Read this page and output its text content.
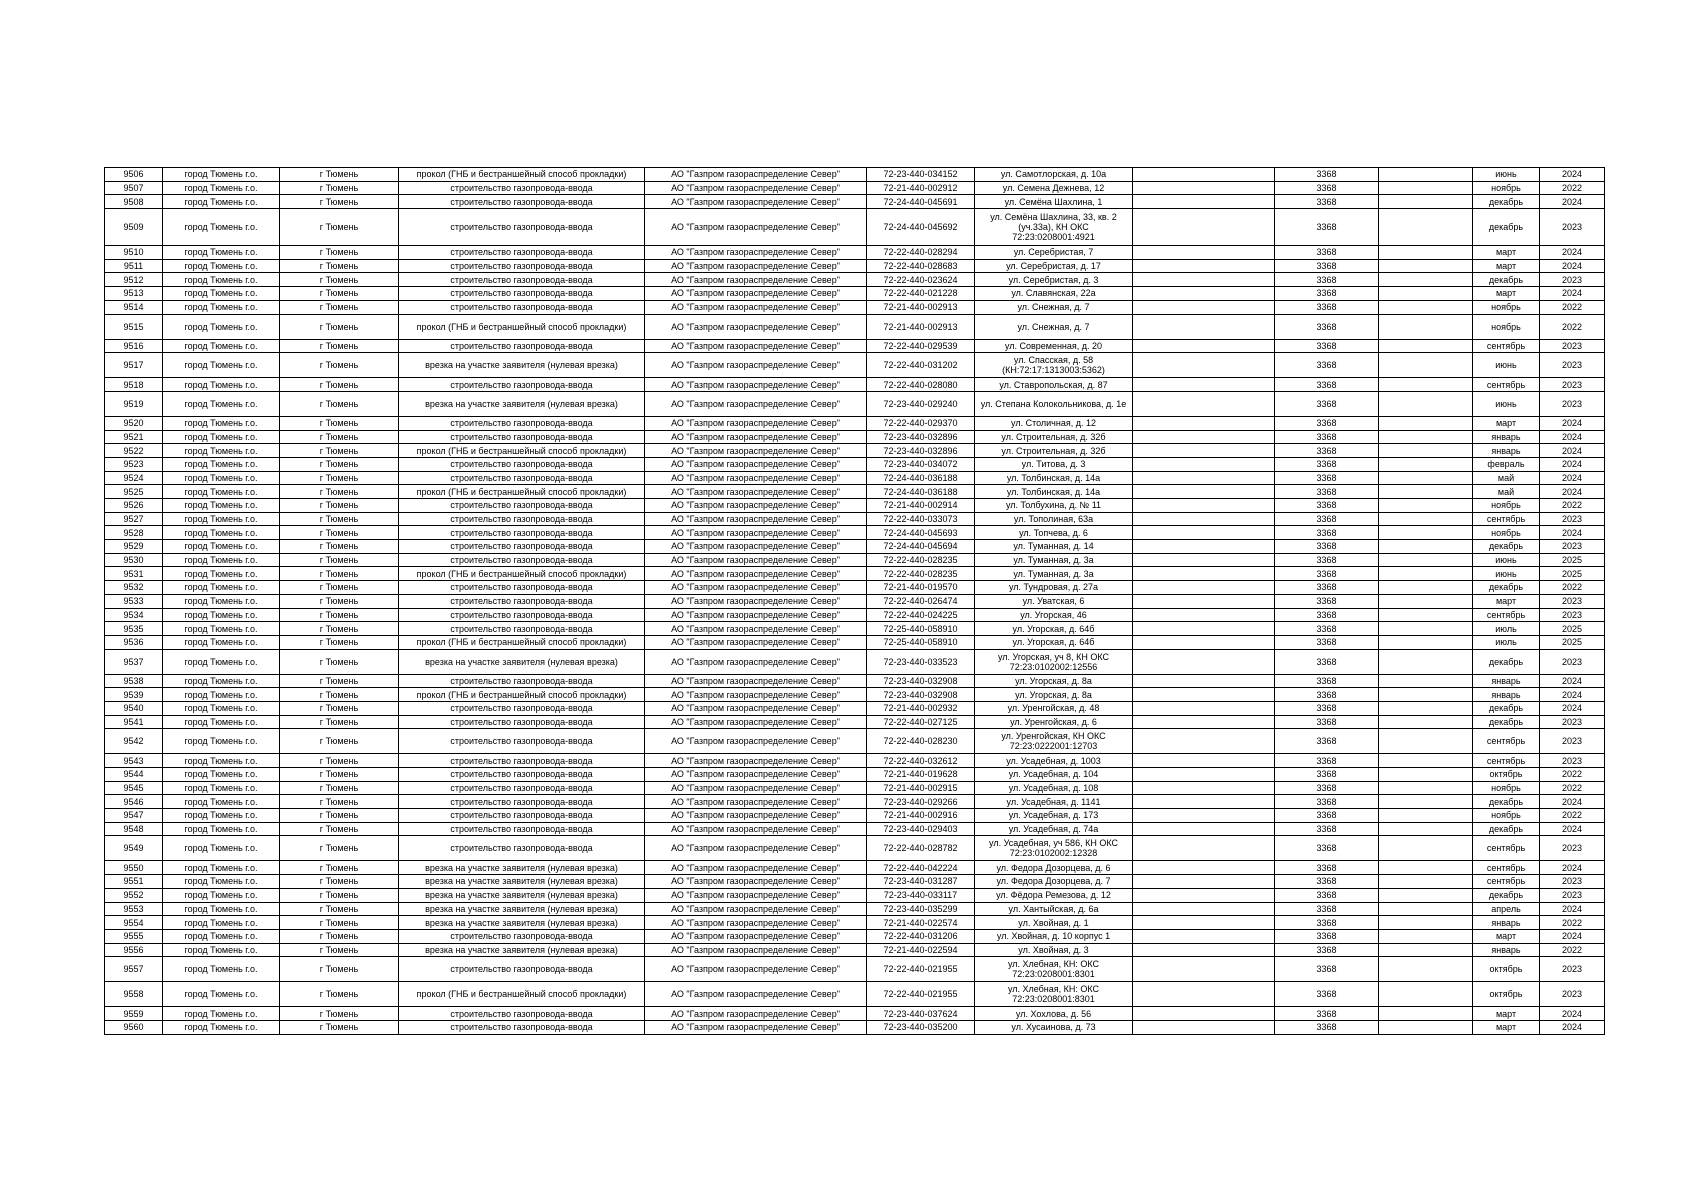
9506	город Тюмень г.о.	г Тюмень	прокол (ГНБ и бестраншейный способ прокладки)	АО "Газпром газораспределение Север"	72-23-440-034152	ул. Самотлорская, д. 10а		3368		июнь	2024
9507	город Тюмень г.о.	г Тюмень	строительство газопровода-ввода	АО "Газпром газораспределение Север"	72-21-440-002912	ул. Семена Дежнева, 12		3368		ноябрь	2022
9508	город Тюмень г.о.	г Тюмень	строительство газопровода-ввода	АО "Газпром газораспределение Север"	72-24-440-045691	ул. Семёна Шахлина, 1		3368		декабрь	2024
9509	город Тюмень г.о.	г Тюмень	строительство газопровода-ввода	АО "Газпром газораспределение Север"	72-24-440-045692	ул. Семёна Шахлина, 33, кв. 2 (уч.33а), КН ОКС 72:23:0208001:4921		3368		декабрь	2023
9510	город Тюмень г.о.	г Тюмень	строительство газопровода-ввода	АО "Газпром газораспределение Север"	72-22-440-028294	ул. Серебристая, 7		3368		март	2024
9511	город Тюмень г.о.	г Тюмень	строительство газопровода-ввода	АО "Газпром газораспределение Север"	72-22-440-028683	ул. Серебристая, д. 17		3368		март	2024
9512	город Тюмень г.о.	г Тюмень	строительство газопровода-ввода	АО "Газпром газораспределение Север"	72-22-440-023624	ул. Серебристая, д. 3		3368		декабрь	2023
9513	город Тюмень г.о.	г Тюмень	строительство газопровода-ввода	АО "Газпром газораспределение Север"	72-22-440-021228	ул. Славянская, 22а		3368		март	2024
9514	город Тюмень г.о.	г Тюмень	строительство газопровода-ввода	АО "Газпром газораспределение Север"	72-21-440-002913	ул. Снежная, д. 7		3368		ноябрь	2022
9515	город Тюмень г.о.	г Тюмень	прокол (ГНБ и бестраншейный способ прокладки)	АО "Газпром газораспределение Север"	72-21-440-002913	ул. Снежная, д. 7		3368		ноябрь	2022
9516	город Тюмень г.о.	г Тюмень	строительство газопровода-ввода	АО "Газпром газораспределение Север"	72-22-440-029539	ул. Современная, д. 20		3368		сентябрь	2023
9517	город Тюмень г.о.	г Тюмень	врезка на участке заявителя (нулевая врезка)	АО "Газпром газораспределение Север"	72-22-440-031202	ул. Спасская, д. 58 (КН:72:17:1313003:5362)		3368		июнь	2023
9518	город Тюмень г.о.	г Тюмень	строительство газопровода-ввода	АО "Газпром газораспределение Север"	72-22-440-028080	ул. Ставропольская, д. 87		3368		сентябрь	2023
9519	город Тюмень г.о.	г Тюмень	врезка на участке заявителя (нулевая врезка)	АО "Газпром газораспределение Север"	72-23-440-029240	ул. Степана Колокольникова, д. 1е		3368		июнь	2023
9520	город Тюмень г.о.	г Тюмень	строительство газопровода-ввода	АО "Газпром газораспределение Север"	72-22-440-029370	ул. Столичная, д. 12		3368		март	2024
9521	город Тюмень г.о.	г Тюмень	строительство газопровода-ввода	АО "Газпром газораспределение Север"	72-23-440-032896	ул. Строительная, д. 32б		3368		январь	2024
9522	город Тюмень г.о.	г Тюмень	прокол (ГНБ и бестраншейный способ прокладки)	АО "Газпром газораспределение Север"	72-23-440-032896	ул. Строительная, д. 32б		3368		январь	2024
9523	город Тюмень г.о.	г Тюмень	строительство газопровода-ввода	АО "Газпром газораспределение Север"	72-23-440-034072	ул. Титова, д. 3		3368		февраль	2024
9524	город Тюмень г.о.	г Тюмень	строительство газопровода-ввода	АО "Газпром газораспределение Север"	72-24-440-036188	ул. Толбинская, д. 14а		3368		май	2024
9525	город Тюмень г.о.	г Тюмень	прокол (ГНБ и бестраншейный способ прокладки)	АО "Газпром газораспределение Север"	72-24-440-036188	ул. Толбинская, д. 14а		3368		май	2024
9526	город Тюмень г.о.	г Тюмень	строительство газопровода-ввода	АО "Газпром газораспределение Север"	72-21-440-002914	ул. Толбухина, д. № 11		3368		ноябрь	2022
9527	город Тюмень г.о.	г Тюмень	строительство газопровода-ввода	АО "Газпром газораспределение Север"	72-22-440-033073	ул. Тополиная, 63а		3368		сентябрь	2023
9528	город Тюмень г.о.	г Тюмень	строительство газопровода-ввода	АО "Газпром газораспределение Север"	72-24-440-045693	ул. Топчева, д. 6		3368		ноябрь	2024
9529	город Тюмень г.о.	г Тюмень	строительство газопровода-ввода	АО "Газпром газораспределение Север"	72-24-440-045694	ул. Туманная, д. 14		3368		декабрь	2023
9530	город Тюмень г.о.	г Тюмень	строительство газопровода-ввода	АО "Газпром газораспределение Север"	72-22-440-028235	ул. Туманная, д. 3а		3368		июнь	2025
9531	город Тюмень г.о.	г Тюмень	прокол (ГНБ и бестраншейный способ прокладки)	АО "Газпром газораспределение Север"	72-22-440-028235	ул. Туманная, д. 3а		3368		июнь	2025
9532	город Тюмень г.о.	г Тюмень	строительство газопровода-ввода	АО "Газпром газораспределение Север"	72-21-440-019570	ул. Тундровая, д. 27а		3368		декабрь	2022
9533	город Тюмень г.о.	г Тюмень	строительство газопровода-ввода	АО "Газпром газораспределение Север"	72-22-440-026474	ул. Уватская, 6		3368		март	2023
9534	город Тюмень г.о.	г Тюмень	строительство газопровода-ввода	АО "Газпром газораспределение Север"	72-22-440-024225	ул. Угорская, 46		3368		сентябрь	2023
9535	город Тюмень г.о.	г Тюмень	строительство газопровода-ввода	АО "Газпром газораспределение Север"	72-25-440-058910	ул. Угорская, д. 64б		3368		июль	2025
9536	город Тюмень г.о.	г Тюмень	прокол (ГНБ и бестраншейный способ прокладки)	АО "Газпром газораспределение Север"	72-25-440-058910	ул. Угорская, д. 64б		3368		июль	2025
9537	город Тюмень г.о.	г Тюмень	врезка на участке заявителя (нулевая врезка)	АО "Газпром газораспределение Север"	72-23-440-033523	ул. Угорская, уч 8, КН ОКС 72:23:0102002:12556		3368		декабрь	2023
9538	город Тюмень г.о.	г Тюмень	строительство газопровода-ввода	АО "Газпром газораспределение Север"	72-23-440-032908	ул. Угорская, д. 8а		3368		январь	2024
9539	город Тюмень г.о.	г Тюмень	прокол (ГНБ и бестраншейный способ прокладки)	АО "Газпром газораспределение Север"	72-23-440-032908	ул. Угорская, д. 8а		3368		январь	2024
9540	город Тюмень г.о.	г Тюмень	строительство газопровода-ввода	АО "Газпром газораспределение Север"	72-21-440-002932	ул. Уренгойская, д. 48		3368		декабрь	2024
9541	город Тюмень г.о.	г Тюмень	строительство газопровода-ввода	АО "Газпром газораспределение Север"	72-22-440-027125	ул. Уренгойская, д. 6		3368		декабрь	2023
9542	город Тюмень г.о.	г Тюмень	строительство газопровода-ввода	АО "Газпром газораспределение Север"	72-22-440-028230	ул. Уренгойская, КН ОКС 72:23:0222001:12703		3368		сентябрь	2023
9543	город Тюмень г.о.	г Тюмень	строительство газопровода-ввода	АО "Газпром газораспределение Север"	72-22-440-032612	ул. Усадебная, д. 1003		3368		сентябрь	2023
9544	город Тюмень г.о.	г Тюмень	строительство газопровода-ввода	АО "Газпром газораспределение Север"	72-21-440-019628	ул. Усадебная, д. 104		3368		октябрь	2022
9545	город Тюмень г.о.	г Тюмень	строительство газопровода-ввода	АО "Газпром газораспределение Север"	72-21-440-002915	ул. Усадебная, д. 108		3368		ноябрь	2022
9546	город Тюмень г.о.	г Тюмень	строительство газопровода-ввода	АО "Газпром газораспределение Север"	72-23-440-029266	ул. Усадебная, д. 1141		3368		декабрь	2024
9547	город Тюмень г.о.	г Тюмень	строительство газопровода-ввода	АО "Газпром газораспределение Север"	72-21-440-002916	ул. Усадебная, д. 173		3368		ноябрь	2022
9548	город Тюмень г.о.	г Тюмень	строительство газопровода-ввода	АО "Газпром газораспределение Север"	72-23-440-029403	ул. Усадебная, д. 74а		3368		декабрь	2024
9549	город Тюмень г.о.	г Тюмень	строительство газопровода-ввода	АО "Газпром газораспределение Север"	72-22-440-028782	ул. Усадебная, уч 586, КН ОКС 72:23:0102002:12328		3368		сентябрь	2023
9550	город Тюмень г.о.	г Тюмень	врезка на участке заявителя (нулевая врезка)	АО "Газпром газораспределение Север"	72-22-440-042224	ул. Федора Дозорцева, д. 6		3368		сентябрь	2024
9551	город Тюмень г.о.	г Тюмень	врезка на участке заявителя (нулевая врезка)	АО "Газпром газораспределение Север"	72-23-440-031287	ул. Федора Дозорцева, д. 7		3368		сентябрь	2023
9552	город Тюмень г.о.	г Тюмень	врезка на участке заявителя (нулевая врезка)	АО "Газпром газораспределение Север"	72-23-440-033117	ул. Фёдора Ремезова, д. 12		3368		декабрь	2023
9553	город Тюмень г.о.	г Тюмень	врезка на участке заявителя (нулевая врезка)	АО "Газпром газораспределение Север"	72-23-440-035299	ул. Хантыйская, д. 6а		3368		апрель	2024
9554	город Тюмень г.о.	г Тюмень	врезка на участке заявителя (нулевая врезка)	АО "Газпром газораспределение Север"	72-21-440-022574	ул. Хвойная, д. 1		3368		январь	2022
9555	город Тюмень г.о.	г Тюмень	строительство газопровода-ввода	АО "Газпром газораспределение Север"	72-22-440-031206	ул. Хвойная, д. 10 корпус 1		3368		март	2024
9556	город Тюмень г.о.	г Тюмень	врезка на участке заявителя (нулевая врезка)	АО "Газпром газораспределение Север"	72-21-440-022594	ул. Хвойная, д. 3		3368		январь	2022
9557	город Тюмень г.о.	г Тюмень	строительство газопровода-ввода	АО "Газпром газораспределение Север"	72-22-440-021955	ул. Хлебная, КН: ОКС 72:23:0208001:8301		3368		октябрь	2023
9558	город Тюмень г.о.	г Тюмень	прокол (ГНБ и бестраншейный способ прокладки)	АО "Газпром газораспределение Север"	72-22-440-021955	ул. Хлебная, КН: ОКС 72:23:0208001:8301		3368		октябрь	2023
9559	город Тюмень г.о.	г Тюмень	строительство газопровода-ввода	АО "Газпром газораспределение Север"	72-23-440-037624	ул. Хохлова, д. 56		3368		март	2024
9560	город Тюмень г.о.	г Тюмень	строительство газопровода-ввода	АО "Газпром газораспределение Север"	72-23-440-035200	ул. Хусаинова, д. 73		3368		март	2024
